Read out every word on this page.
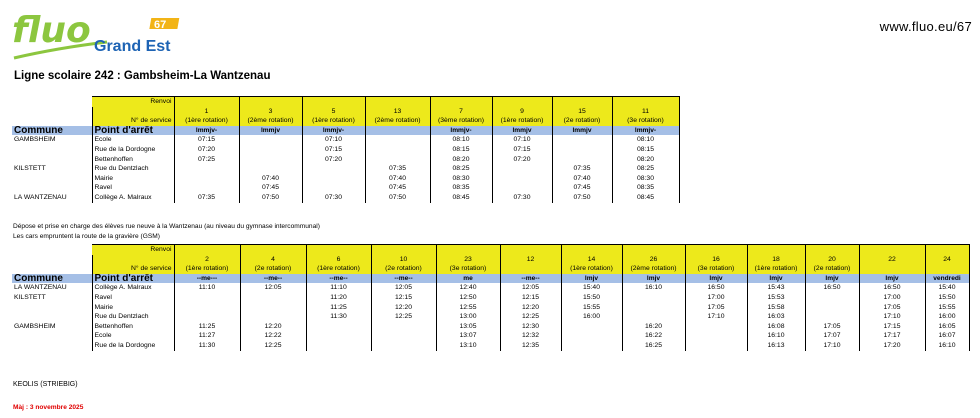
fluo Grand Est
67	www.fluo.eu/67
Ligne scolaire 242 : Gambsheim-La Wantzenau
	Renvoi								
		1	3	5	13	7	9	15	11
	N° de service	(1ère rotation)	(2ème rotation)	(1ère rotation)	(2ème rotation)	(3ème rotation)	(1ère rotation)	(2e rotation)	(3e rotation)
Commune	Point d'arrêt	lmmjv-	lmmjv	lmmjv-		lmmjv-	lmmjv	lmmjv	lmmjv-
GAMBSHEIM	Ecole	07:15		07:10		08:10	07:10		08:10
	Rue de la Dordogne	07:20		07:15		08:15	07:15		08:15
	Bettenhoffen	07:25		07:20		08:20	07:20		08:20
KILSTETT	Rue du Dentzlach				07:35	08:25		07:35	08:25
	Mairie		07:40		07:40	08:30		07:40	08:30
	Ravel		07:45		07:45	08:35		07:45	08:35
LA WANTZENAU	Collège A. Malraux	07:35	07:50	07:30	07:50	08:45	07:30	07:50	08:45
Dépose et prise en charge des élèves rue neuve à la Wantzenau (au niveau du gymnase intercommunal)
Les cars empruntent la route de la gravière (GSM)
	Renvoi													
		2	4	6	10	23	12	14	26	16	18	20	22	24
	N° de service	(1ère rotation)	(2e rotation)	(1ère rotation)	(2e rotation)	(3e rotation)		(1ère rotation)	(2ème rotation)	(3e rotation)	(1ère rotation)	(2e rotation)		
Commune	Point d'arrêt	--me---	--me--	--me--	--me--	me	--me--	lmjv	lmjv	lmjv	lmjv	lmjv	lmjv	vendredi
LA WANTZENAU	Collège A. Malraux	11:10	12:05	11:10	12:05	12:40	12:05	15:40	16:10	16:50	15:43	16:50	16:50	15:40
KILSTETT	Ravel			11:20	12:15	12:50	12:15	15:50		17:00	15:53		17:00	15:50
	Mairie			11:25	12:20	12:55	12:20	15:55		17:05	15:58		17:05	15:55
	Rue du Dentzlach			11:30	12:25	13:00	12:25	16:00		17:10	16:03		17:10	16:00
GAMBSHEIM	Bettenhoffen	11:25	12:20			13:05	12:30		16:20		16:08	17:05	17:15	16:05
	Ecole	11:27	12:22			13:07	12:32		16:22		16:10	17:07	17:17	16:07
	Rue de la Dordogne	11:30	12:25			13:10	12:35		16:25		16:13	17:10	17:20	16:10
KEOLIS (STRIEBIG)
Màj : 3 novembre 2025
